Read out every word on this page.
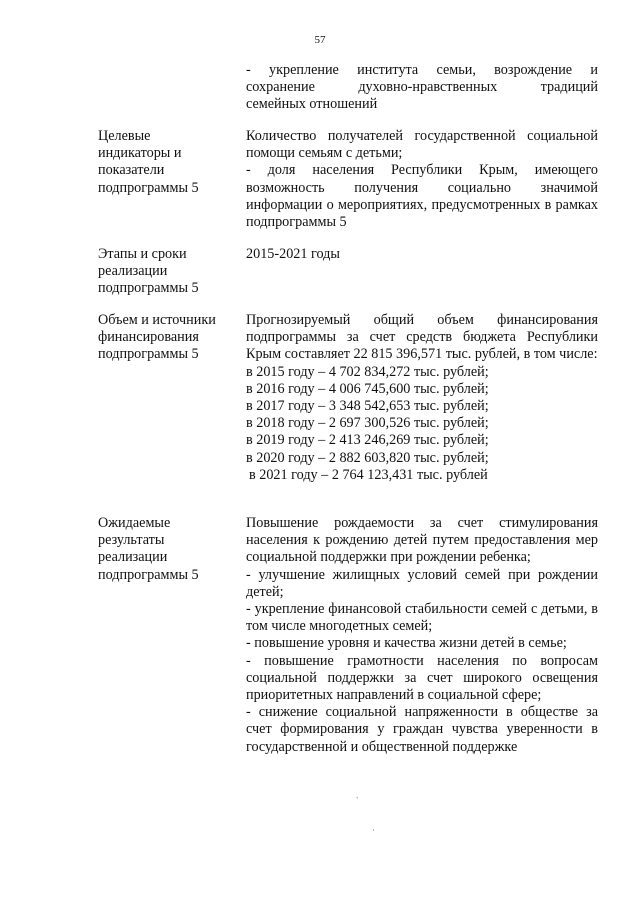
57

- укрепление института семьи, возрождение и

сохранение духовно-нравственных традиций

семейных отношений

Целевые
индикаторы и
показатели
подпрограммы 5

Количество получателей государственной социальной помощи семьям с детьми;

- доля населения Республики Крым, имеющего возможность получения социально значимой информации о мероприятиях, предусмотренных в рамках подпрограммы 5

Этапы и сроки
реализации
подпрограммы 5

2015-2021 годы

Объем и источники
финансирования
подпрограммы 5

Прогнозируемый общий объем финансирования подпрограммы за счет средств бюджета Республики Крым составляет 22 815 396,571 тыс. рублей, в том числе:

в 2015 году – 4 702 834,272 тыс. рублей;

в 2016 году – 4 006 745,600 тыс. рублей;

в 2017 году – 3 348 542,653 тыс. рублей;

в 2018 году – 2 697 300,526 тыс. рублей;

в 2019 году – 2 413 246,269 тыс. рублей;

в 2020 году – 2 882 603,820 тыс. рублей;

в 2021 году – 2 764 123,431 тыс. рублей

Ожидаемые
результаты
реализации
подпрограммы 5

Повышение рождаемости за счет стимулирования населения к рождению детей путем предоставления мер социальной поддержки при рождении ребенка;

- улучшение жилищных условий семей при рождении детей;

- укрепление финансовой стабильности семей с детьми, в том числе многодетных семей;

- повышение уровня и качества жизни детей в семье;

- повышение грамотности населения по вопросам социальной поддержки за счет широкого освещения приоритетных направлений в социальной сфере;

- снижение социальной напряженности в обществе за счет формирования у граждан чувства уверенности в государственной и общественной поддержке

`
·
